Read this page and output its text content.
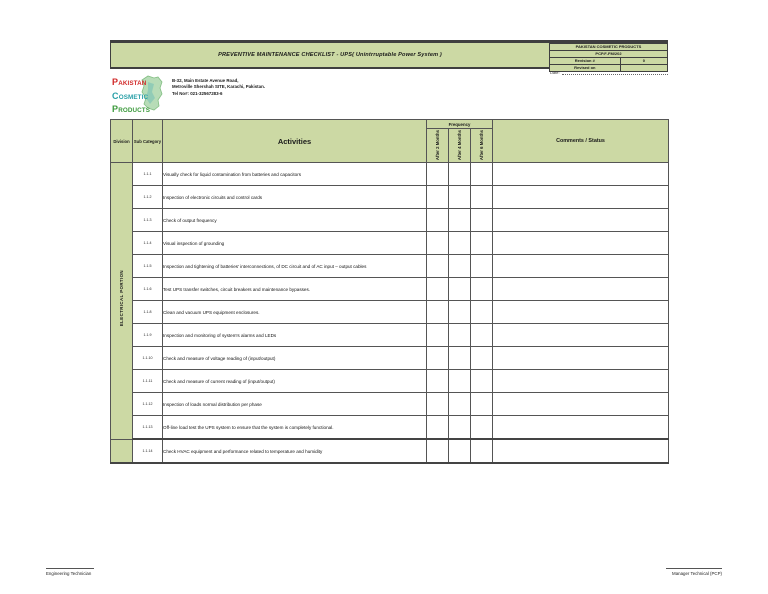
PREVENTIVE MAINTENANCE CHECKLIST - UPS( Unintrruptable Power System )
PAKISTAN COSMETIC PRODUCTS
PCP.F-FM/202
Revision #	0
Revised on
Date:
PAKISTAN
COSMETIC
PRODUCTS
B-32, Main Estate Avenue Road,
Metroville Shershah SITE, Karachi, Pakistan.
Tel No#: 021-32567283-6
Division	Sub Category	Activities	Frequency			Comments / Status
			After 2 Months	After 4 Months	After 6 Months	
ELECTRICAL PORTION	1.1.1	Visually check for liquid contamination from batteries and capacitors				
	1.1.2	Inspection of electronic circuits and control cards				
	1.1.3	Check of output frequency				
	1.1.4	Visual inspection of grounding				
	1.1.5	Inspection and tightening of batteries' interconnections, of DC circuit and of AC input – output cables				
	1.1.6	Test UPS transfer switches, circuit breakers and maintenance bypasses.				
	1.1.8	Clean and vacuum UPS equipment enclosures.				
	1.1.9	Inspection and monitoring of system's alarms and LEDs				
	1.1.10	Check and measure of voltage reading of (input/output)				
	1.1.11	Check and measure of current reading of (input/output)				
	1.1.12	Inspection of loads normal distribution per phase				
	1.1.13	Off-line load test the UPS system to ensure that the system is completely functional.				
	1.1.14	Check HVAC equipment and performance related to temperature and humidity				
Engineering Technician	Manager Technical (PCP)
